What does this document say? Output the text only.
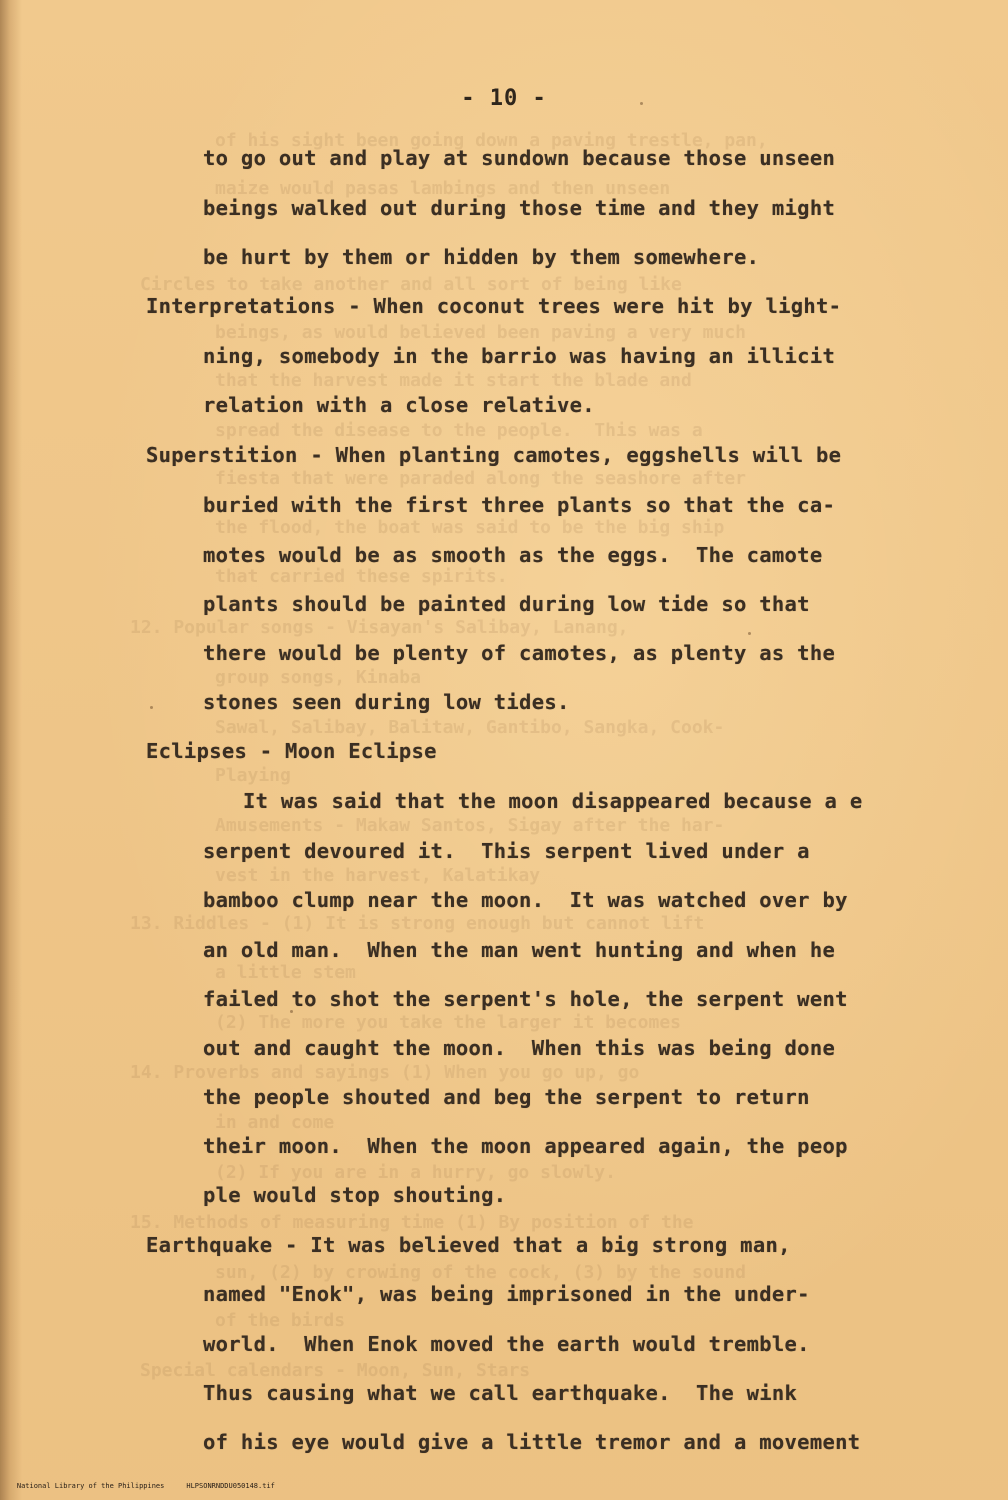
of his sight been going down a paving trestle, pan,
maize would pasas lambings and then unseen
Circles to take another and all sort of being like
beings, as would believed been paving a very much
that the harvest made it start the blade and
spread the disease to the people.  This was a
fiesta that were paraded along the seashore after
the flood, the boat was said to be the big ship
that carried these spirits.
12. Popular songs - Visayan's Salibay, Lanang,
group songs, Kinaba
Sawal, Salibay, Balitaw, Gantibo, Sangka, Cook-
Playing
Amusements - Makaw Santos, Sigay after the har-
vest in the harvest, Kalatikay
13. Riddles - (1) It is strong enough but cannot lift
a little stem
(2) The more you take the larger it becomes
14. Proverbs and sayings (1) When you go up, go
in and come
(2) If you are in a hurry, go slowly.
15. Methods of measuring time (1) By position of the
sun, (2) by crowing of the cock, (3) by the sound
of the birds
Special calendars - Moon, Sun, Stars
- 10 -
to go out and play at sundown because those unseen
beings walked out during those time and they might
be hurt by them or hidden by them somewhere.
Interpretations - When coconut trees were hit by light-
ning, somebody in the barrio was having an illicit
relation with a close relative.
Superstition - When planting camotes, eggshells will be
buried with the first three plants so that the ca-
motes would be as smooth as the eggs.  The camote
plants should be painted during low tide so that
there would be plenty of camotes, as plenty as the
stones seen during low tides.
Eclipses - Moon Eclipse
It was said that the moon disappeared because a e
serpent devoured it.  This serpent lived under a
bamboo clump near the moon.  It was watched over by
an old man.  When the man went hunting and when he
failed to shot the serpent's hole, the serpent went
out and caught the moon.  When this was being done
the people shouted and beg the serpent to return
their moon.  When the moon appeared again, the peop
ple would stop shouting.
Earthquake - It was believed that a big strong man,
named "Enok", was being imprisoned in the under-
world.  When Enok moved the earth would tremble.
Thus causing what we call earthquake.  The wink
of his eye would give a little tremor and a movement

National Library of the Philippines	HLPSONRNDDU050148.tif
